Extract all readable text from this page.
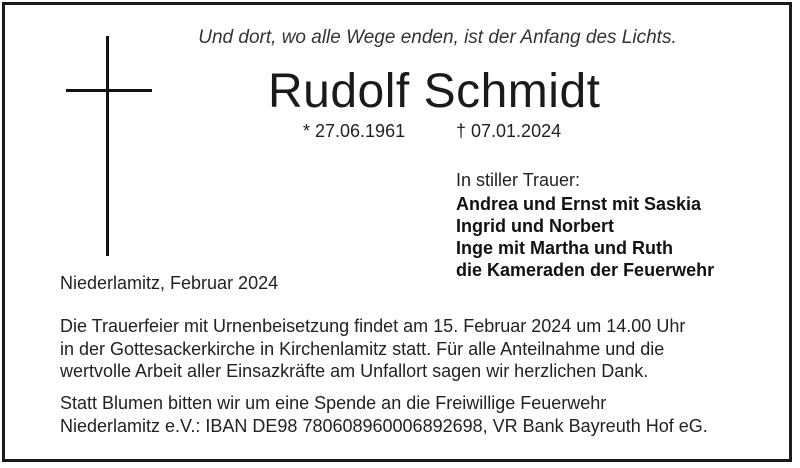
Und dort, wo alle Wege enden, ist der Anfang des Lichts.
Rudolf Schmidt
* 27.06.1961	† 07.01.2024
In stiller Trauer:
Andrea und Ernst mit Saskia
Ingrid und Norbert
Inge mit Martha und Ruth
die Kameraden der Feuerwehr
Niederlamitz, Februar 2024
Die Trauerfeier mit Urnenbeisetzung findet am 15. Februar 2024 um 14.00 Uhr
in der Gottesackerkirche in Kirchenlamitz statt. Für alle Anteilnahme und die
wertvolle Arbeit aller Einsazkräfte am Unfallort sagen wir herzlichen Dank.
Statt Blumen bitten wir um eine Spende an die Freiwillige Feuerwehr
Niederlamitz e.V.: IBAN DE98 780608960006892698, VR Bank Bayreuth Hof eG.
